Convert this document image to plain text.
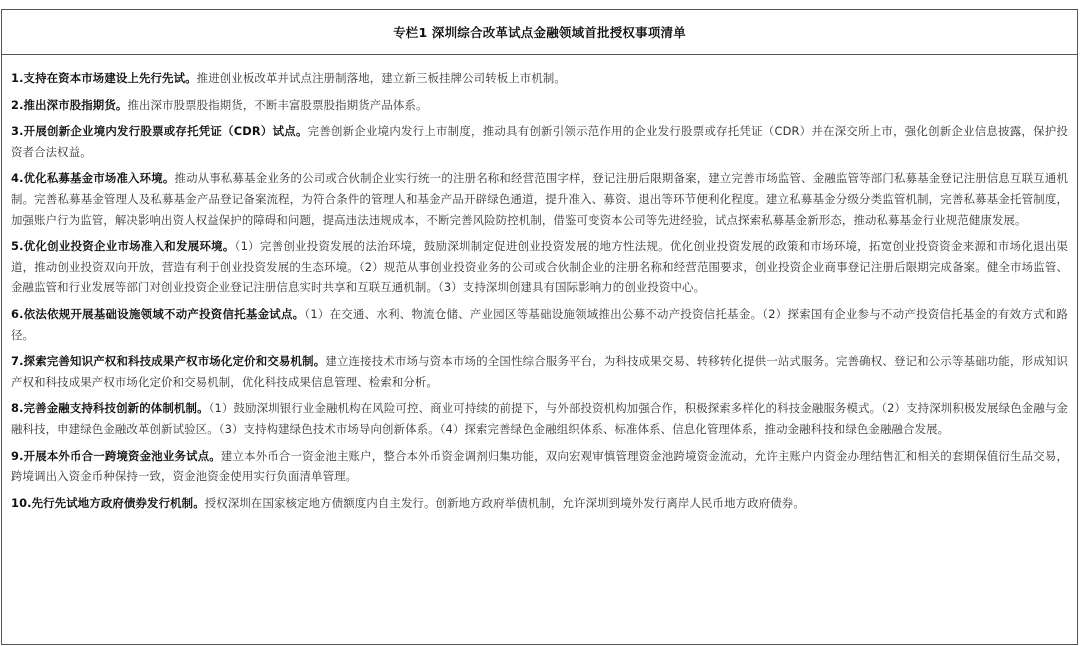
专栏1 深圳综合改革试点金融领域首批授权事项清单

1.支持在资本市场建设上先行先试。推进创业板改革并试点注册制落地，建立新三板挂牌公司转板上市机制。

2.推出深市股指期货。推出深市股票股指期货，不断丰富股票股指期货产品体系。

3.开展创新企业境内发行股票或存托凭证（CDR）试点。完善创新企业境内发行上市制度，推动具有创新引领示范作用的企业发行股票或存托凭证（CDR）并在深交所上市，强化创新企业信息披露，保护投资者合法权益。

4.优化私募基金市场准入环境。推动从事私募基金业务的公司或合伙制企业实行统一的注册名称和经营范围字样，登记注册后限期备案，建立完善市场监管、金融监管等部门私募基金登记注册信息互联互通机制。完善私募基金管理人及私募基金产品登记备案流程，为符合条件的管理人和基金产品开辟绿色通道，提升准入、募资、退出等环节便利化程度。建立私募基金分级分类监管机制，完善私募基金托管制度，加强账户行为监管，解决影响出资人权益保护的障碍和问题，提高违法违规成本，不断完善风险防控机制，借鉴可变资本公司等先进经验，试点探索私募基金新形态，推动私募基金行业规范健康发展。

5.优化创业投资企业市场准入和发展环境。（1）完善创业投资发展的法治环境，鼓励深圳制定促进创业投资发展的地方性法规。优化创业投资发展的政策和市场环境，拓宽创业投资资金来源和市场化退出渠道，推动创业投资双向开放，营造有利于创业投资发展的生态环境。（2）规范从事创业投资业务的公司或合伙制企业的注册名称和经营范围要求，创业投资企业商事登记注册后限期完成备案。健全市场监管、金融监管和行业发展等部门对创业投资企业登记注册信息实时共享和互联互通机制。（3）支持深圳创建具有国际影响力的创业投资中心。

6.依法依规开展基础设施领域不动产投资信托基金试点。（1）在交通、水利、物流仓储、产业园区等基础设施领域推出公募不动产投资信托基金。（2）探索国有企业参与不动产投资信托基金的有效方式和路径。

7.探索完善知识产权和科技成果产权市场化定价和交易机制。建立连接技术市场与资本市场的全国性综合服务平台，为科技成果交易、转移转化提供一站式服务。完善确权、登记和公示等基础功能，形成知识产权和科技成果产权市场化定价和交易机制，优化科技成果信息管理、检索和分析。

8.完善金融支持科技创新的体制机制。（1）鼓励深圳银行业金融机构在风险可控、商业可持续的前提下，与外部投资机构加强合作，积极探索多样化的科技金融服务模式。（2）支持深圳积极发展绿色金融与金融科技，申建绿色金融改革创新试验区。（3）支持构建绿色技术市场导向创新体系。（4）探索完善绿色金融组织体系、标准体系、信息化管理体系，推动金融科技和绿色金融融合发展。

9.开展本外币合一跨境资金池业务试点。建立本外币合一资金池主账户，整合本外币资金调剂归集功能，双向宏观审慎管理资金池跨境资金流动，允许主账户内资金办理结售汇和相关的套期保值衍生品交易，跨境调出入资金币种保持一致，资金池资金使用实行负面清单管理。

10.先行先试地方政府债券发行机制。授权深圳在国家核定地方债额度内自主发行。创新地方政府举债机制，允许深圳到境外发行离岸人民币地方政府债券。
